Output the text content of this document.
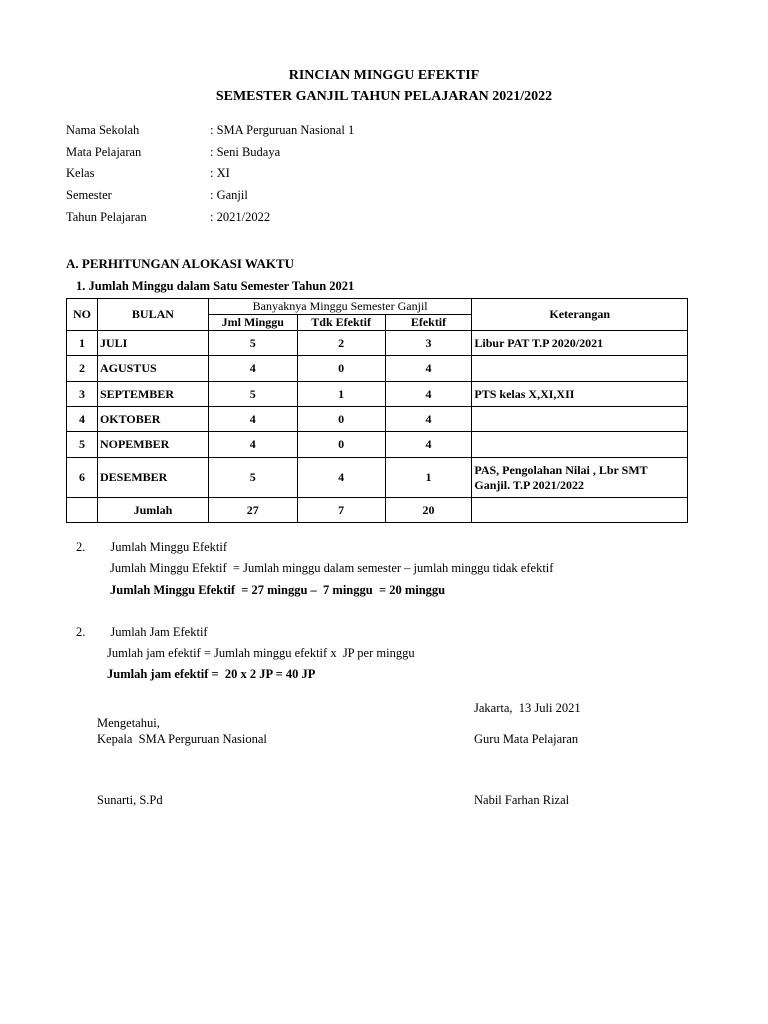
RINCIAN MINGGU EFEKTIF
SEMESTER GANJIL TAHUN PELAJARAN 2021/2022
Nama Sekolah	: SMA Perguruan Nasional 1
Mata Pelajaran	: Seni Budaya
Kelas	: XI
Semester	: Ganjil
Tahun Pelajaran	: 2021/2022
A. PERHITUNGAN ALOKASI WAKTU
1. Jumlah Minggu dalam Satu Semester Tahun 2021
NO	BULAN	Banyaknya Minggu Semester Ganjil			Keterangan
		Jml Minggu	Tdk Efektif	Efektif	
1	JULI	5	2	3	Libur PAT T.P 2020/2021
2	AGUSTUS	4	0	4	
3	SEPTEMBER	5	1	4	PTS kelas X,XI,XII
4	OKTOBER	4	0	4	
5	NOPEMBER	4	0	4	
6	DESEMBER	5	4	1	PAS, Pengolahan Nilai , Lbr SMT
Ganjil. T.P 2021/2022

	Jumlah	27	7	20	
2.        Jumlah Minggu Efektif
Jumlah Minggu Efektif  = Jumlah minggu dalam semester – jumlah minggu tidak efektif
Jumlah Minggu Efektif  = 27 minggu –  7 minggu  = 20 minggu
2.        Jumlah Jam Efektif
Jumlah jam efektif = Jumlah minggu efektif x  JP per minggu
Jumlah jam efektif =  20 x 2 JP = 40 JP
Jakarta,  13 Juli 2021
Mengetahui,
Kepala  SMA Perguruan Nasional	Guru Mata Pelajaran
Sunarti, S.Pd	Nabil Farhan Rizal
